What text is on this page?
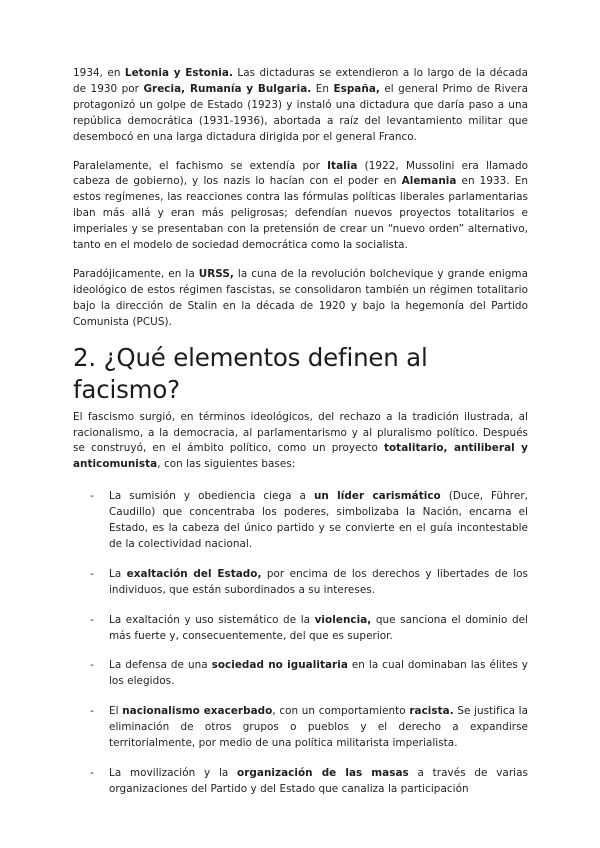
1934, en Letonia y Estonia. Las dictaduras se extendieron a lo largo de la década de 1930 por Grecia, Rumanía y Bulgaria. En España, el general Primo de Rivera protagonizó un golpe de Estado (1923) y instaló una dictadura que daría paso a una república democrática (1931-1936), abortada a raíz del levantamiento militar que desembocó en una larga dictadura dirigida por el general Franco.

Paralelamente, el fachismo se extendía por Italia (1922, Mussolini era llamado cabeza de gobierno), y los nazis lo hacían con el poder en Alemania en 1933. En estos regímenes, las reacciones contra las fórmulas políticas liberales parlamentarias iban más allá y eran más peligrosas; defendían nuevos proyectos totalitarios e imperiales y se presentaban con la pretensión de crear un “nuevo orden” alternativo, tanto en el modelo de sociedad democrática como la socialista.

Paradójicamente, en la URSS, la cuna de la revolución bolchevique y grande enigma ideológico de estos régimen fascistas, se consolidaron también un régimen totalitario bajo la dirección de Stalin en la década de 1920 y bajo la hegemonía del Partido Comunista (PCUS).

2. ¿Qué elementos definen al facismo?

El fascismo surgió, en términos ideológicos, del rechazo a la tradición ilustrada, al racionalismo, a la democracia, al parlamentarismo y al pluralismo político. Después se construyó, en el ámbito político, como un proyecto totalitario, antiliberal y anticomunista, con las siguientes bases:

- La sumisión y obediencia ciega a un líder carismático (Duce, Führer, Caudillo) que concentraba los poderes, simbolizaba la Nación, encarna el Estado, es la cabeza del único partido y se convierte en el guía incontestable de la colectividad nacional.

- La exaltación del Estado, por encima de los derechos y libertades de los individuos, que están subordinados a su intereses.

- La exaltación y uso sistemático de la violencia, que sanciona el dominio del más fuerte y, consecuentemente, del que es superior.

- La defensa de una sociedad no igualitaria en la cual dominaban las élites y los elegidos.

- El nacionalismo exacerbado, con un comportamiento racista. Se justifica la eliminación de otros grupos o pueblos y el derecho a expandirse territorialmente, por medio de una política militarista imperialista.

- La movilización y la organización de las masas a través de varias organizaciones del Partido y del Estado que canaliza la participación
